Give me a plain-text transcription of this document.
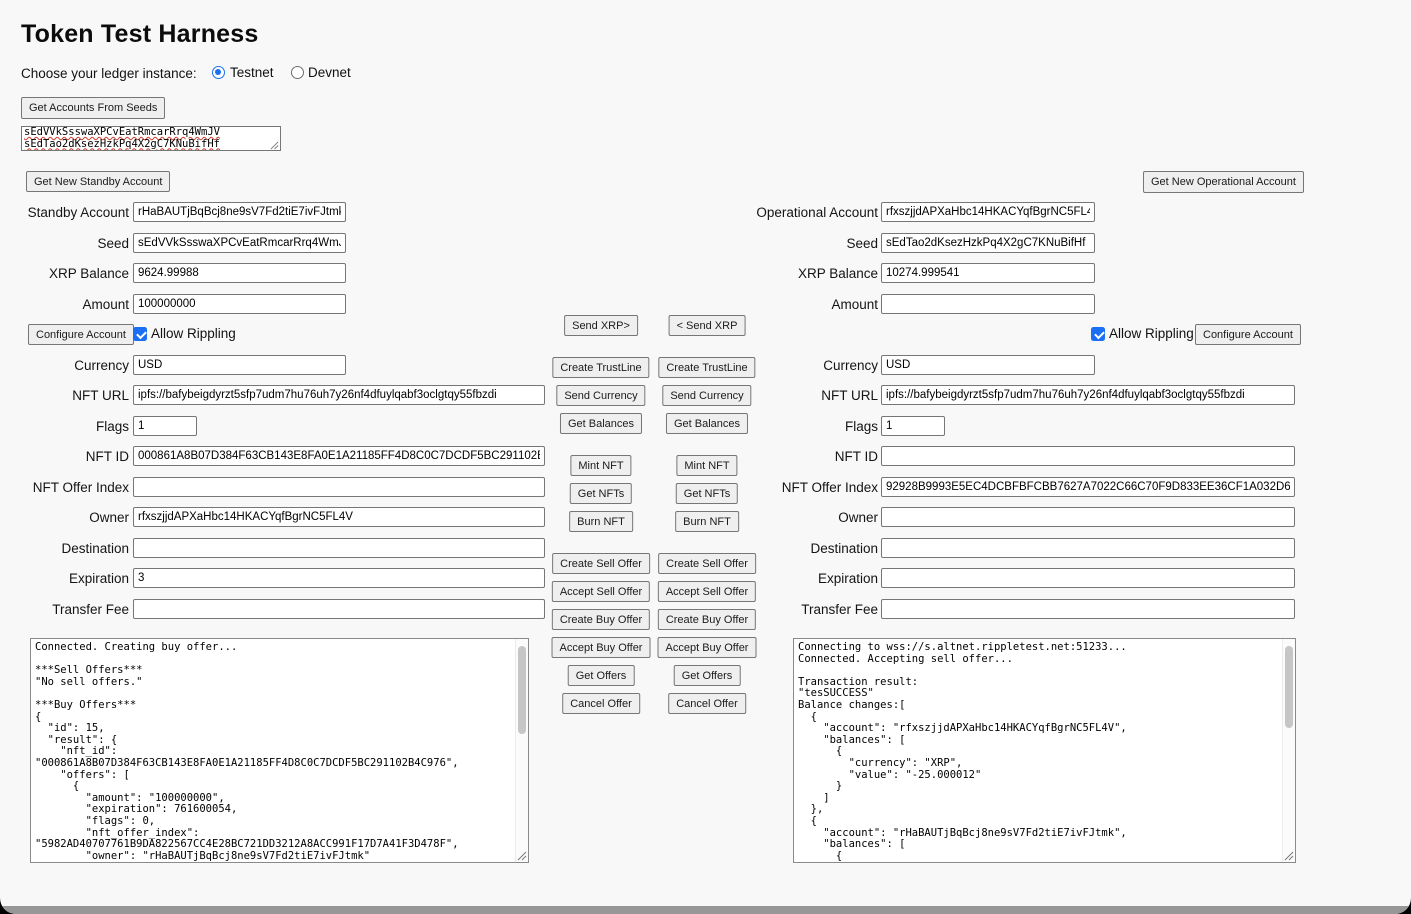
Token Test Harness
Choose your ledger instance: Testnet	Devnet
Get Accounts From Seeds
sEdVVkSsswaXPCvEatRmcarRrq4WmJV sEdTao2dKsezHzkPq4X2gC7KNuBifHf
Get New Standby Account
Standby Account
rHaBAUTjBqBcj8ne9sV7Fd2tiE7ivFJtmk
Seed
sEdVVkSsswaXPCvEatRmcarRrq4WmJV
XRP Balance
9624.99988
Amount
100000000
Configure Account	Allow Rippling
Currency
USD
NFT URL
ipfs://bafybeigdyrzt5sfp7udm7hu76uh7y26nf4dfuylqabf3oclgtqy55fbzdi
Flags
1
NFT ID
000861A8B07D384F63CB143E8FA0E1A21185FF4D8C0C7DCDF5BC291102B4C976
NFT Offer Index
Owner
rfxszjjdAPXaHbc14HKACYqfBgrNC5FL4V
Destination
Expiration
3
Transfer Fee
Connected. Creating buy offer... ***Sell Offers*** "No sell offers." ***Buy Offers*** { "id": 15, "result": { "nft_id": "000861A8B07D384F63CB143E8FA0E1A21185FF4D8C0C7DCDF5BC291102B4C976", "offers": [ { "amount": "100000000", "expiration": 761600054, "flags": 0, "nft_offer_index": "5982AD40707761B9DA822567CC4E28BC721DD3212A8ACC991F17D7A41F3D478F", "owner": "rHaBAUTjBqBcj8ne9sV7Fd2tiE7ivFJtmk"
Send XRP>
Create TrustLine
Send Currency
Get Balances
Mint NFT
Get NFTs
Burn NFT
Create Sell Offer
Accept Sell Offer
Create Buy Offer
Accept Buy Offer
Get Offers
Cancel Offer
< Send XRP
Create TrustLine
Send Currency
Get Balances
Mint NFT
Get NFTs
Burn NFT
Create Sell Offer
Accept Sell Offer
Create Buy Offer
Accept Buy Offer
Get Offers
Cancel Offer
Get New Operational Account
Operational Account
rfxszjjdAPXaHbc14HKACYqfBgrNC5FL4V
Seed
sEdTao2dKsezHzkPq4X2gC7KNuBifHf
XRP Balance
10274.999541
Amount
Allow Rippling Configure Account
Currency
USD
NFT URL
ipfs://bafybeigdyrzt5sfp7udm7hu76uh7y26nf4dfuylqabf3oclgtqy55fbzdi
Flags
1
NFT ID
NFT Offer Index
92928B9993E5EC4DCBFBFCBB7627A7022C66C70F9D833EE36CF1A032D6BC4E1B
Owner
Destination
Expiration
Transfer Fee
Connecting to wss://s.altnet.rippletest.net:51233... Connected. Accepting sell offer... Transaction result: "tesSUCCESS" Balance changes:[ { "account": "rfxszjjdAPXaHbc14HKACYqfBgrNC5FL4V", "balances": [ { "currency": "XRP", "value": "-25.000012" } ] }, { "account": "rHaBAUTjBqBcj8ne9sV7Fd2tiE7ivFJtmk", "balances": [ { "currency": "XRP",
